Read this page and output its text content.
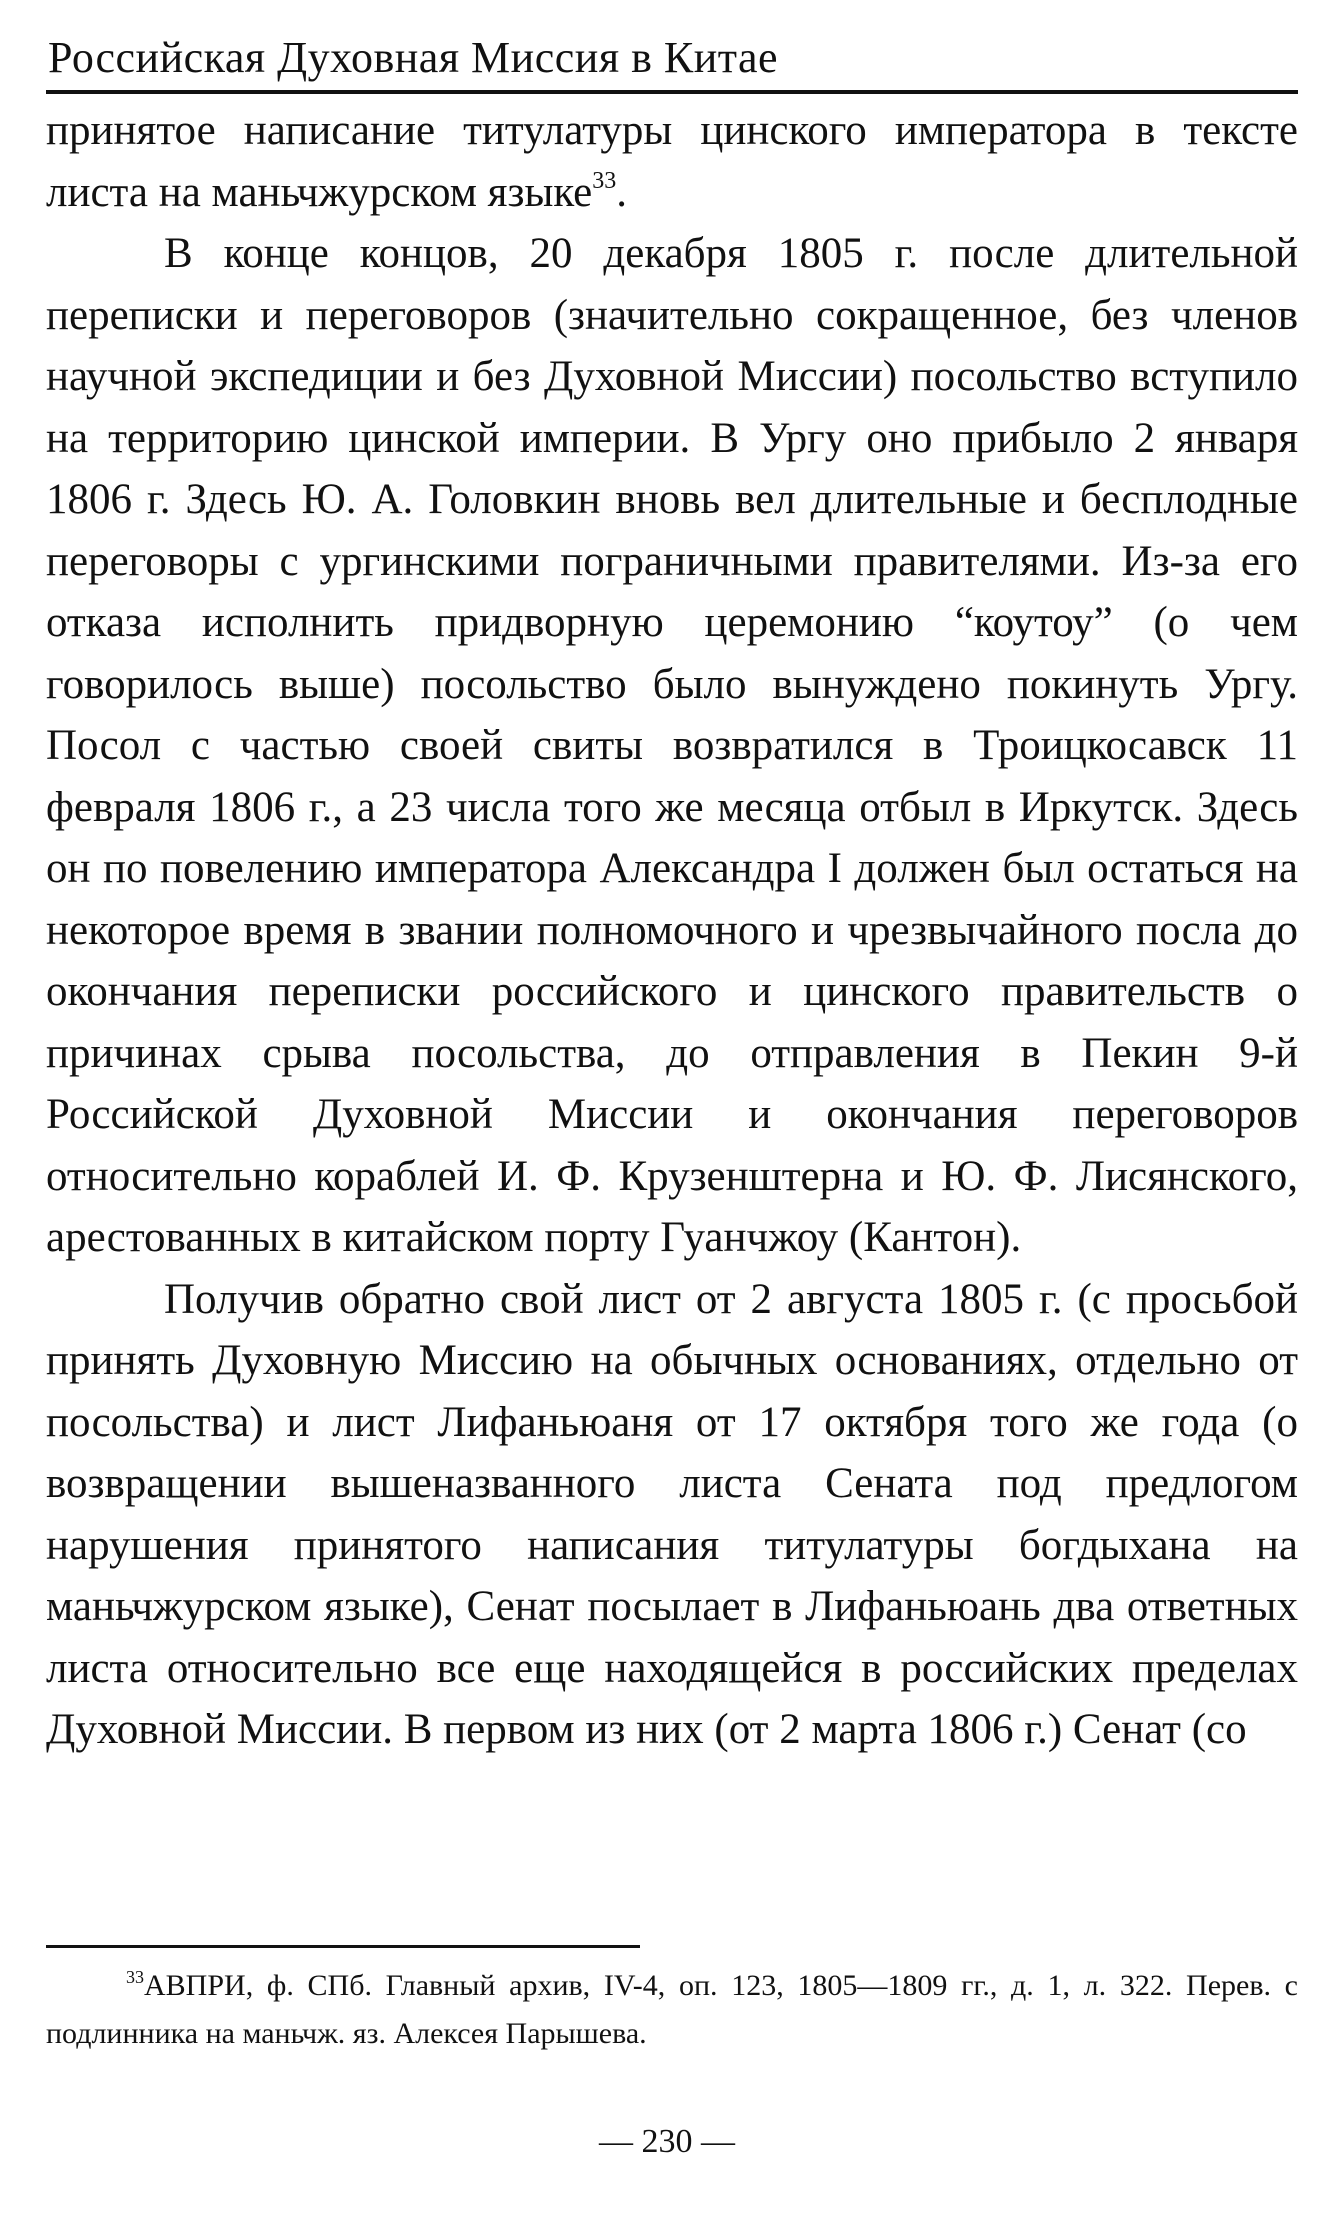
Российская Духовная Миссия в Китае

принятое написание титулатуры цинского императора в тексте листа на маньчжурском языке$^{33}$.

В конце концов, 20 декабря 1805 г. после длительной переписки и переговоров (значительно сокращенное, без членов научной экспедиции и без Духовной Миссии) посольство вступило на территорию цинской империи. В Ургу оно прибыло 2 января 1806 г. Здесь Ю. А. Головкин вновь вел длительные и бесплодные переговоры с ургинскими пограничными правителями. Из-за его отказа исполнить придворную церемонию “коутоу” (о чем говорилось выше) посольство было вынуждено покинуть Ургу. Посол с частью своей свиты возвратился в Троицкосавск 11 февраля 1806 г., а 23 числа того же месяца отбыл в Иркутск. Здесь он по повелению императора Александра I должен был остаться на некоторое время в звании полномочного и чрезвычайного посла до окончания переписки российского и цинского правительств о причинах срыва посольства, до отправления в Пекин 9-й Российской Духовной Миссии и окончания переговоров относительно кораблей И. Ф. Крузенштерна и Ю. Ф. Лисянского, арестованных в китайском порту Гуанчжоу (Кантон).

Получив обратно свой лист от 2 августа 1805 г. (с просьбой принять Духовную Миссию на обычных основаниях, отдельно от посольства) и лист Лифаньюаня от 17 октября того же года (о возвращении вышеназванного листа Сената под предлогом нарушения принятого написания титулатуры богдыхана на маньчжурском языке), Сенат посылает в Лифаньюань два ответных листа относительно все еще находящейся в российских пределах Духовной Миссии. В первом из них (от 2 марта 1806 г.) Сенат (со

$^{33}$АВПРИ, ф. СПб. Главный архив, IV-4, оп. 123, 1805—1809 гг., д. 1, л. 322. Перев. с подлинника на маньчж. яз. Алексея Парышева.

— 230 —
